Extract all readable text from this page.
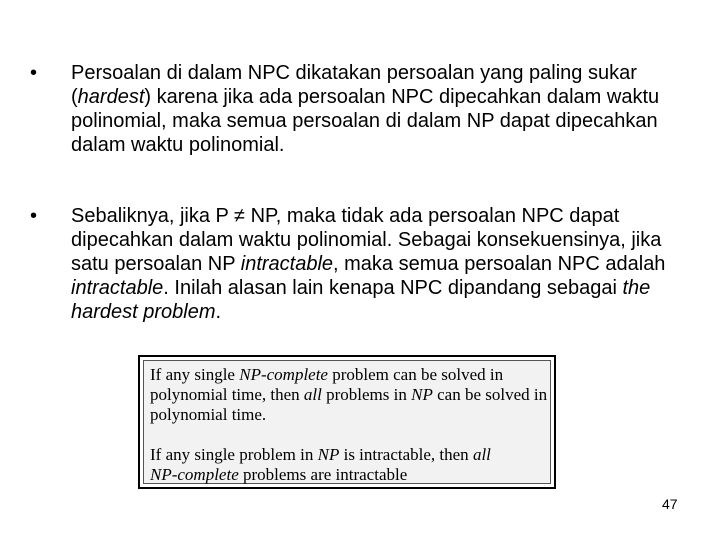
• Persoalan di dalam NPC dikatakan persoalan yang paling sukar (hardest) karena jika ada persoalan NPC dipecahkan dalam waktu polinomial, maka semua persoalan di dalam NP dapat dipecahkan dalam waktu polinomial.
• Sebaliknya, jika P ≠ NP, maka tidak ada persoalan NPC dapat dipecahkan dalam waktu polinomial. Sebagai konsekuensinya, jika satu persoalan NP intractable, maka semua persoalan NPC adalah intractable. Inilah alasan lain kenapa NPC dipandang sebagai the hardest problem.
If any single NP-complete problem can be solved in
polynomial time, then all problems in NP can be solved in
polynomial time.
If any single problem in NP is intractable, then all
NP-complete problems are intractable
47
